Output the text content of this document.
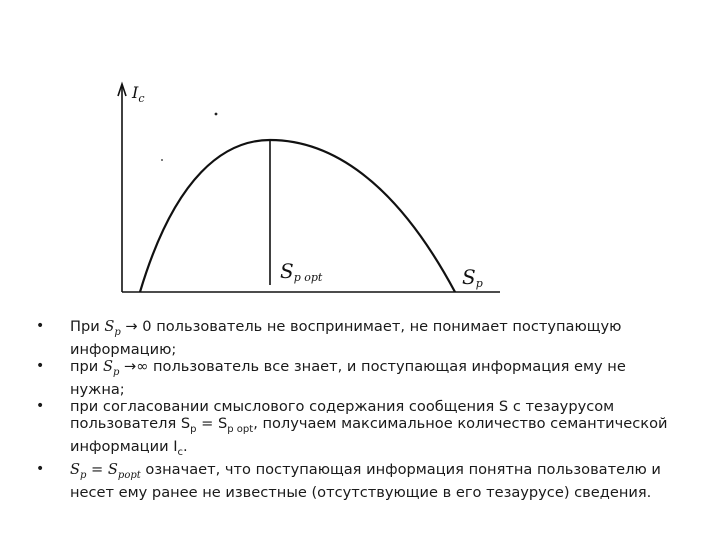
$I_c$
Sp opt	Sp
• При $S_p \to 0$ пользователь не воспринимает, не понимает поступающую информацию;
• при $S_p$ →∞ пользователь все знает, и поступающая информация ему не нужна;
• при согласовании смыслового содержания сообщения S с тезаурусом пользователя $S_p = S_{p opt}$, получаем максимальное количество семантической информации $I_c$.
• $S_p = S_{popt}$ означает, что поступающая информация понятна пользователю и несет ему ранее не известные (отсутствующие в его тезаурусе) сведения.
